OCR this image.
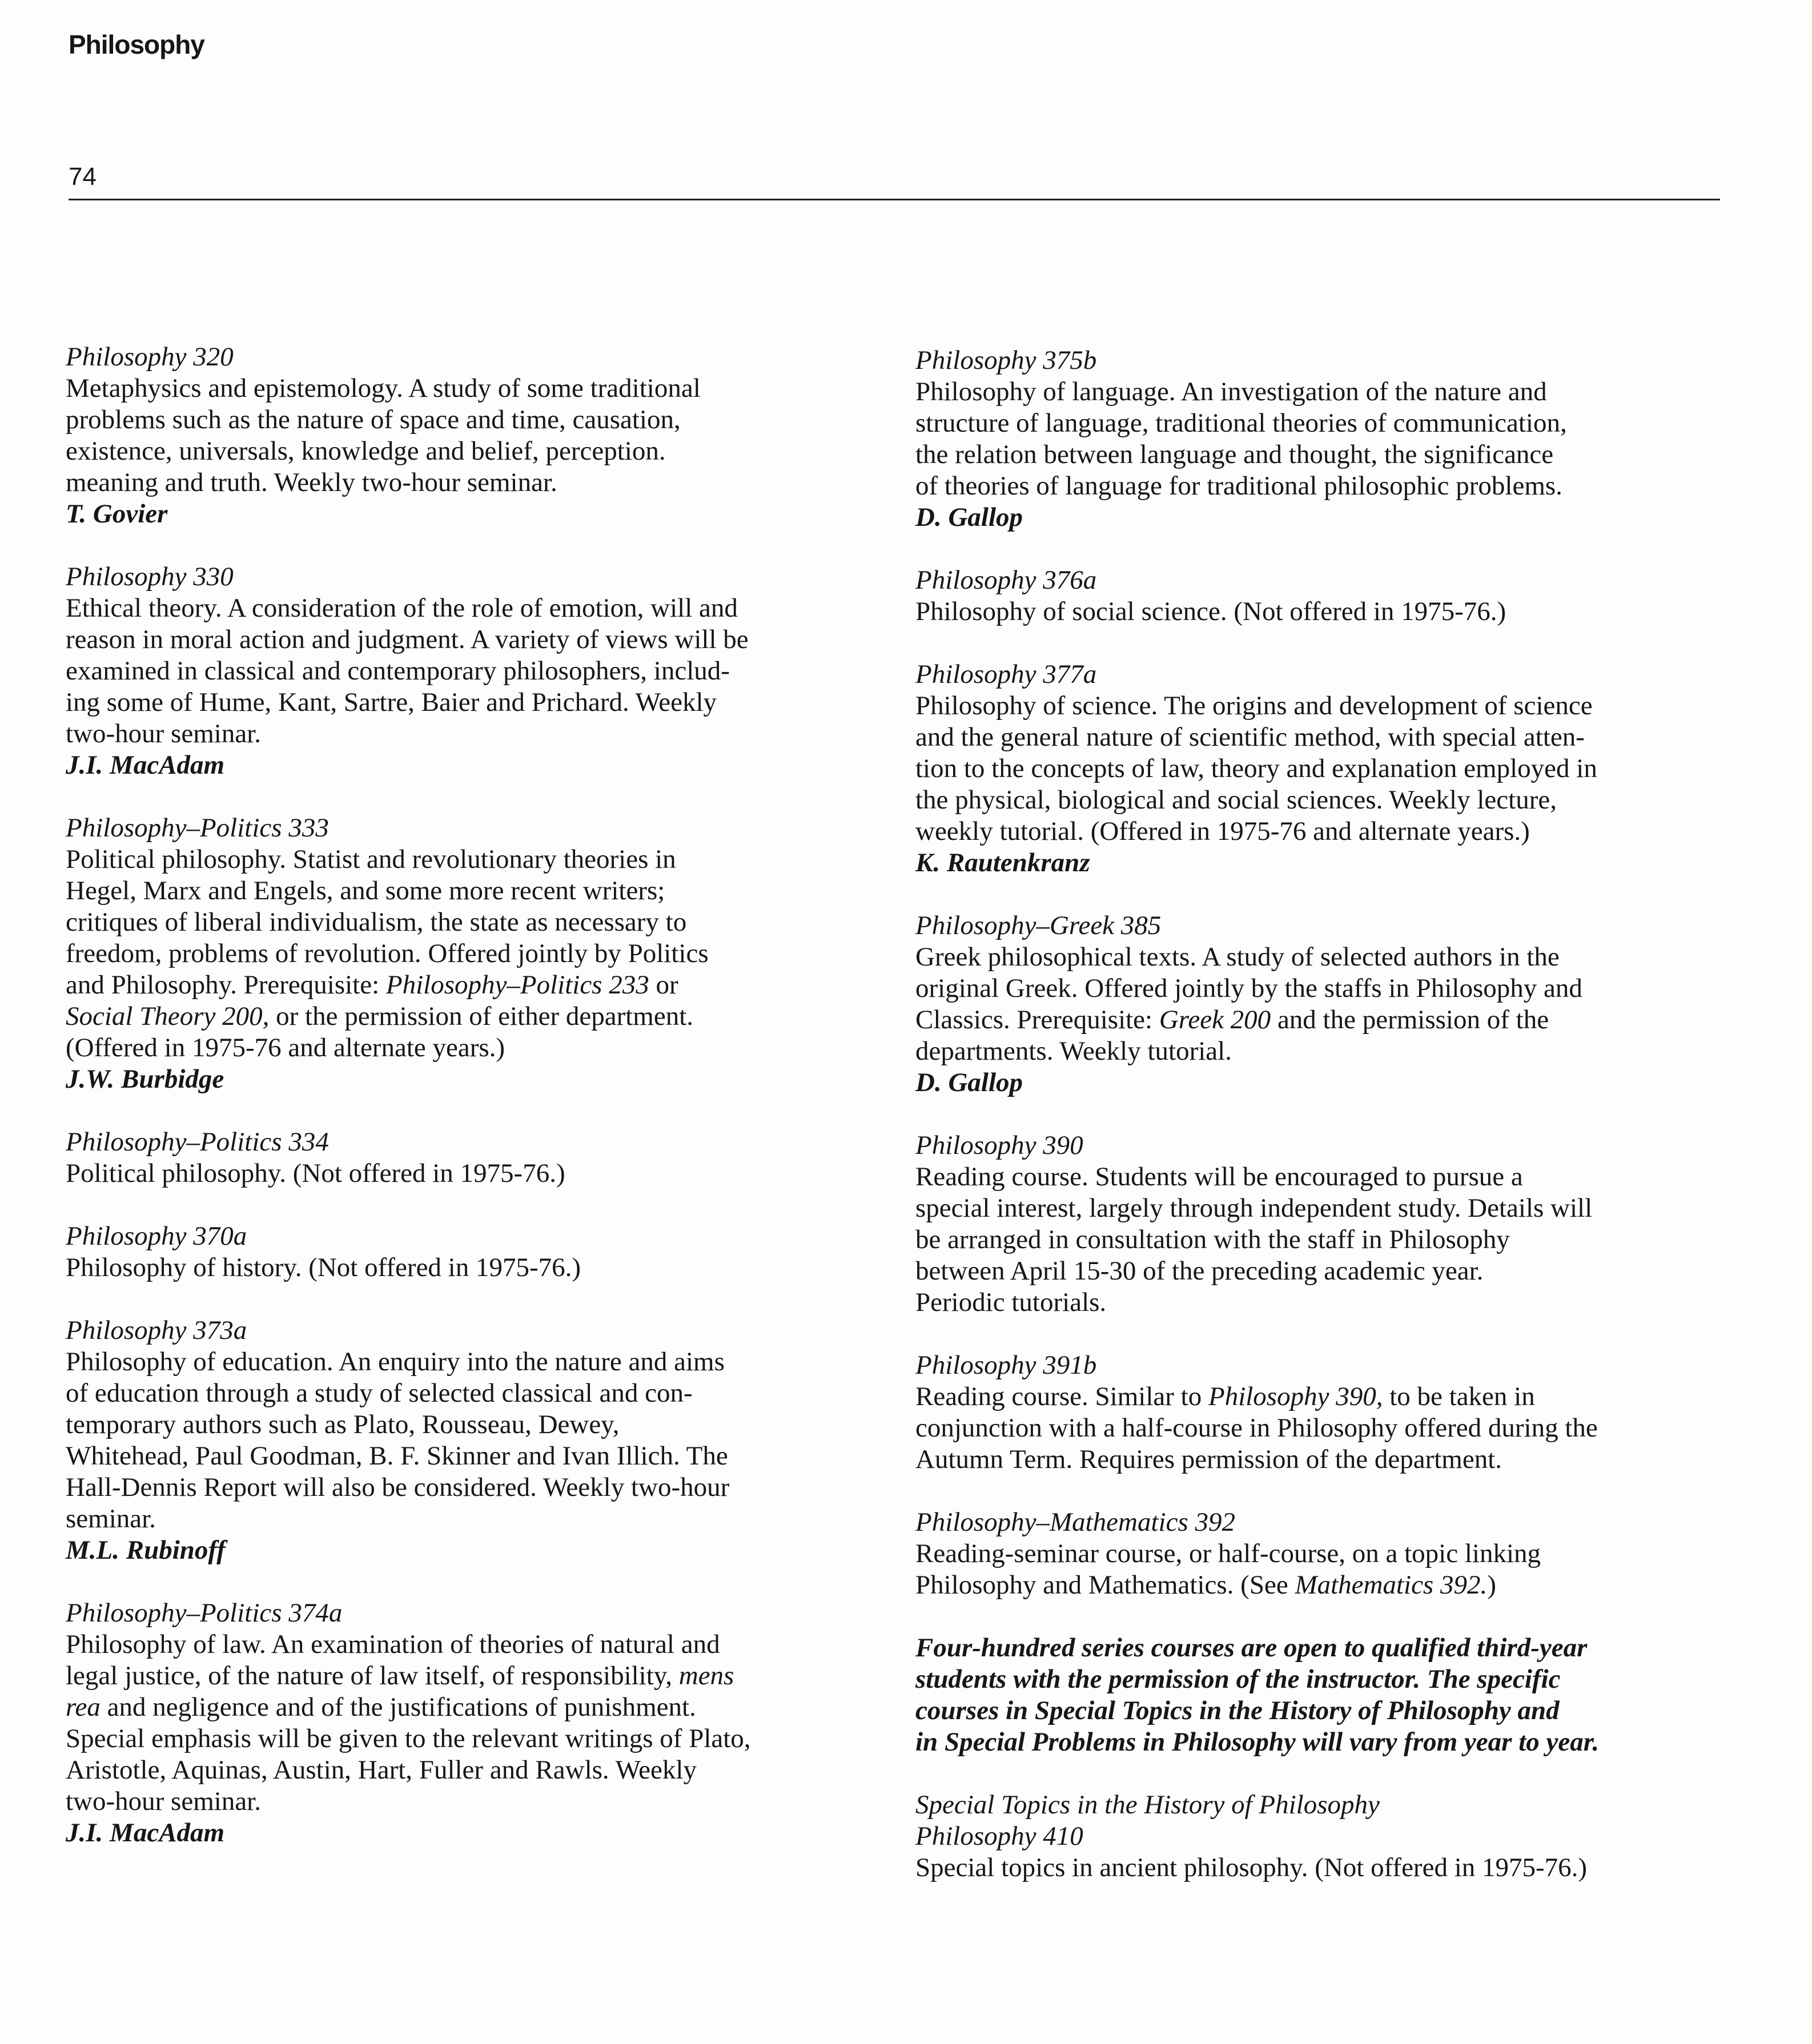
Philosophy
74
Philosophy 320
Metaphysics and epistemology. A study of some traditional
problems such as the nature of space and time, causation,
existence, universals, knowledge and belief, perception.
meaning and truth. Weekly two-hour seminar.
T. Govier
Philosophy 330
Ethical theory. A consideration of the role of emotion, will and
reason in moral action and judgment. A variety of views will be
examined in classical and contemporary philosophers, includ-
ing some of Hume, Kant, Sartre, Baier and Prichard. Weekly
two-hour seminar.
J.I. MacAdam
Philosophy–Politics 333
Political philosophy. Statist and revolutionary theories in
Hegel, Marx and Engels, and some more recent writers;
critiques of liberal individualism, the state as necessary to
freedom, problems of revolution. Offered jointly by Politics
and Philosophy. Prerequisite: Philosophy–Politics 233 or
Social Theory 200, or the permission of either department.
(Offered in 1975-76 and alternate years.)
J.W. Burbidge
Philosophy–Politics 334
Political philosophy. (Not offered in 1975-76.)
Philosophy 370a
Philosophy of history. (Not offered in 1975-76.)
Philosophy 373a
Philosophy of education. An enquiry into the nature and aims
of education through a study of selected classical and con-
temporary authors such as Plato, Rousseau, Dewey,
Whitehead, Paul Goodman, B. F. Skinner and Ivan Illich. The
Hall-Dennis Report will also be considered. Weekly two-hour
seminar.
M.L. Rubinoff
Philosophy–Politics 374a
Philosophy of law. An examination of theories of natural and
legal justice, of the nature of law itself, of responsibility, mens
rea and negligence and of the justifications of punishment.
Special emphasis will be given to the relevant writings of Plato,
Aristotle, Aquinas, Austin, Hart, Fuller and Rawls. Weekly
two-hour seminar.
J.I. MacAdam
Philosophy 375b
Philosophy of language. An investigation of the nature and
structure of language, traditional theories of communication,
the relation between language and thought, the significance
of theories of language for traditional philosophic problems.
D. Gallop
Philosophy 376a
Philosophy of social science. (Not offered in 1975-76.)
Philosophy 377a
Philosophy of science. The origins and development of science
and the general nature of scientific method, with special atten-
tion to the concepts of law, theory and explanation employed in
the physical, biological and social sciences. Weekly lecture,
weekly tutorial. (Offered in 1975-76 and alternate years.)
K. Rautenkranz
Philosophy–Greek 385
Greek philosophical texts. A study of selected authors in the
original Greek. Offered jointly by the staffs in Philosophy and
Classics. Prerequisite: Greek 200 and the permission of the
departments. Weekly tutorial.
D. Gallop
Philosophy 390
Reading course. Students will be encouraged to pursue a
special interest, largely through independent study. Details will
be arranged in consultation with the staff in Philosophy
between April 15-30 of the preceding academic year.
Periodic tutorials.
Philosophy 391b
Reading course. Similar to Philosophy 390, to be taken in
conjunction with a half-course in Philosophy offered during the
Autumn Term. Requires permission of the department.
Philosophy–Mathematics 392
Reading-seminar course, or half-course, on a topic linking
Philosophy and Mathematics. (See Mathematics 392.)
Four-hundred series courses are open to qualified third-year
students with the permission of the instructor. The specific
courses in Special Topics in the History of Philosophy and
in Special Problems in Philosophy will vary from year to year.
Special Topics in the History of Philosophy
Philosophy 410
Special topics in ancient philosophy. (Not offered in 1975-76.)
